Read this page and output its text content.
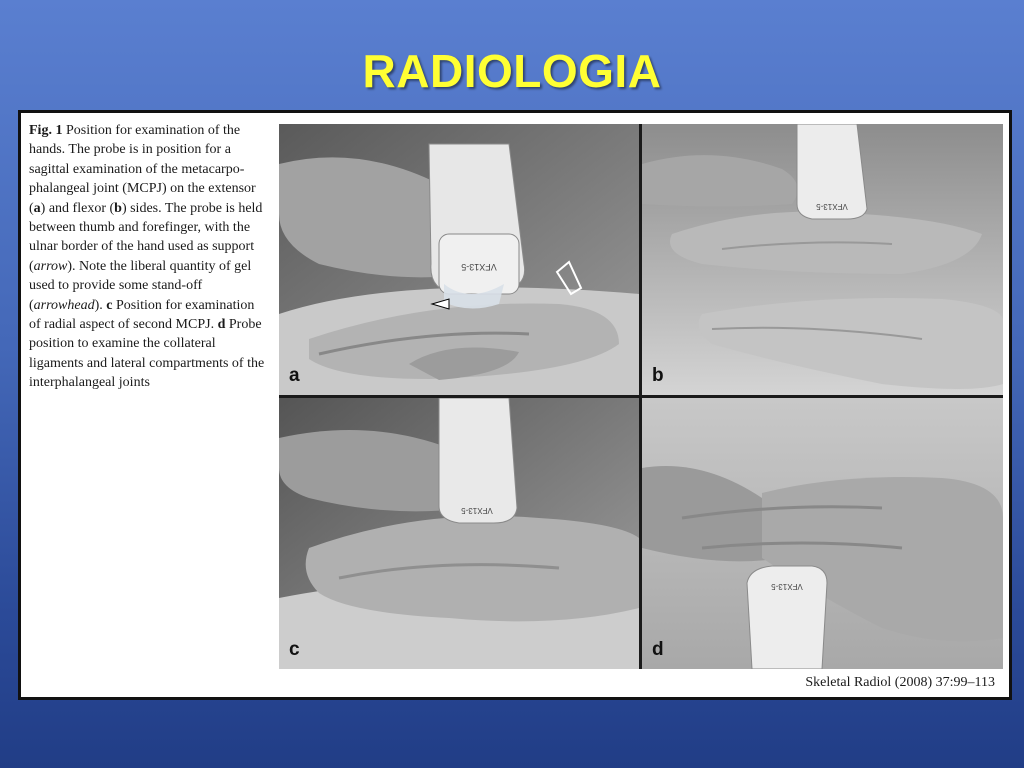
RADIOLOGIA
Fig. 1 Position for examination of the hands. The probe is in position for a sagittal examination of the metacarpo-phalangeal joint (MCPJ) on the extensor (a) and flexor (b) sides. The probe is held between thumb and forefinger, with the ulnar border of the hand used as support (arrow). Note the liberal quantity of gel used to provide some stand-off (arrowhead). c Position for examination of radial aspect of second MCPJ. d Probe position to examine the collateral ligaments and lateral compartments of the interphalangeal joints
VFX13-5
a
VFX13-5
b
VFX13-5
c
VFX13-5
d
Skeletal Radiol (2008) 37:99–113
